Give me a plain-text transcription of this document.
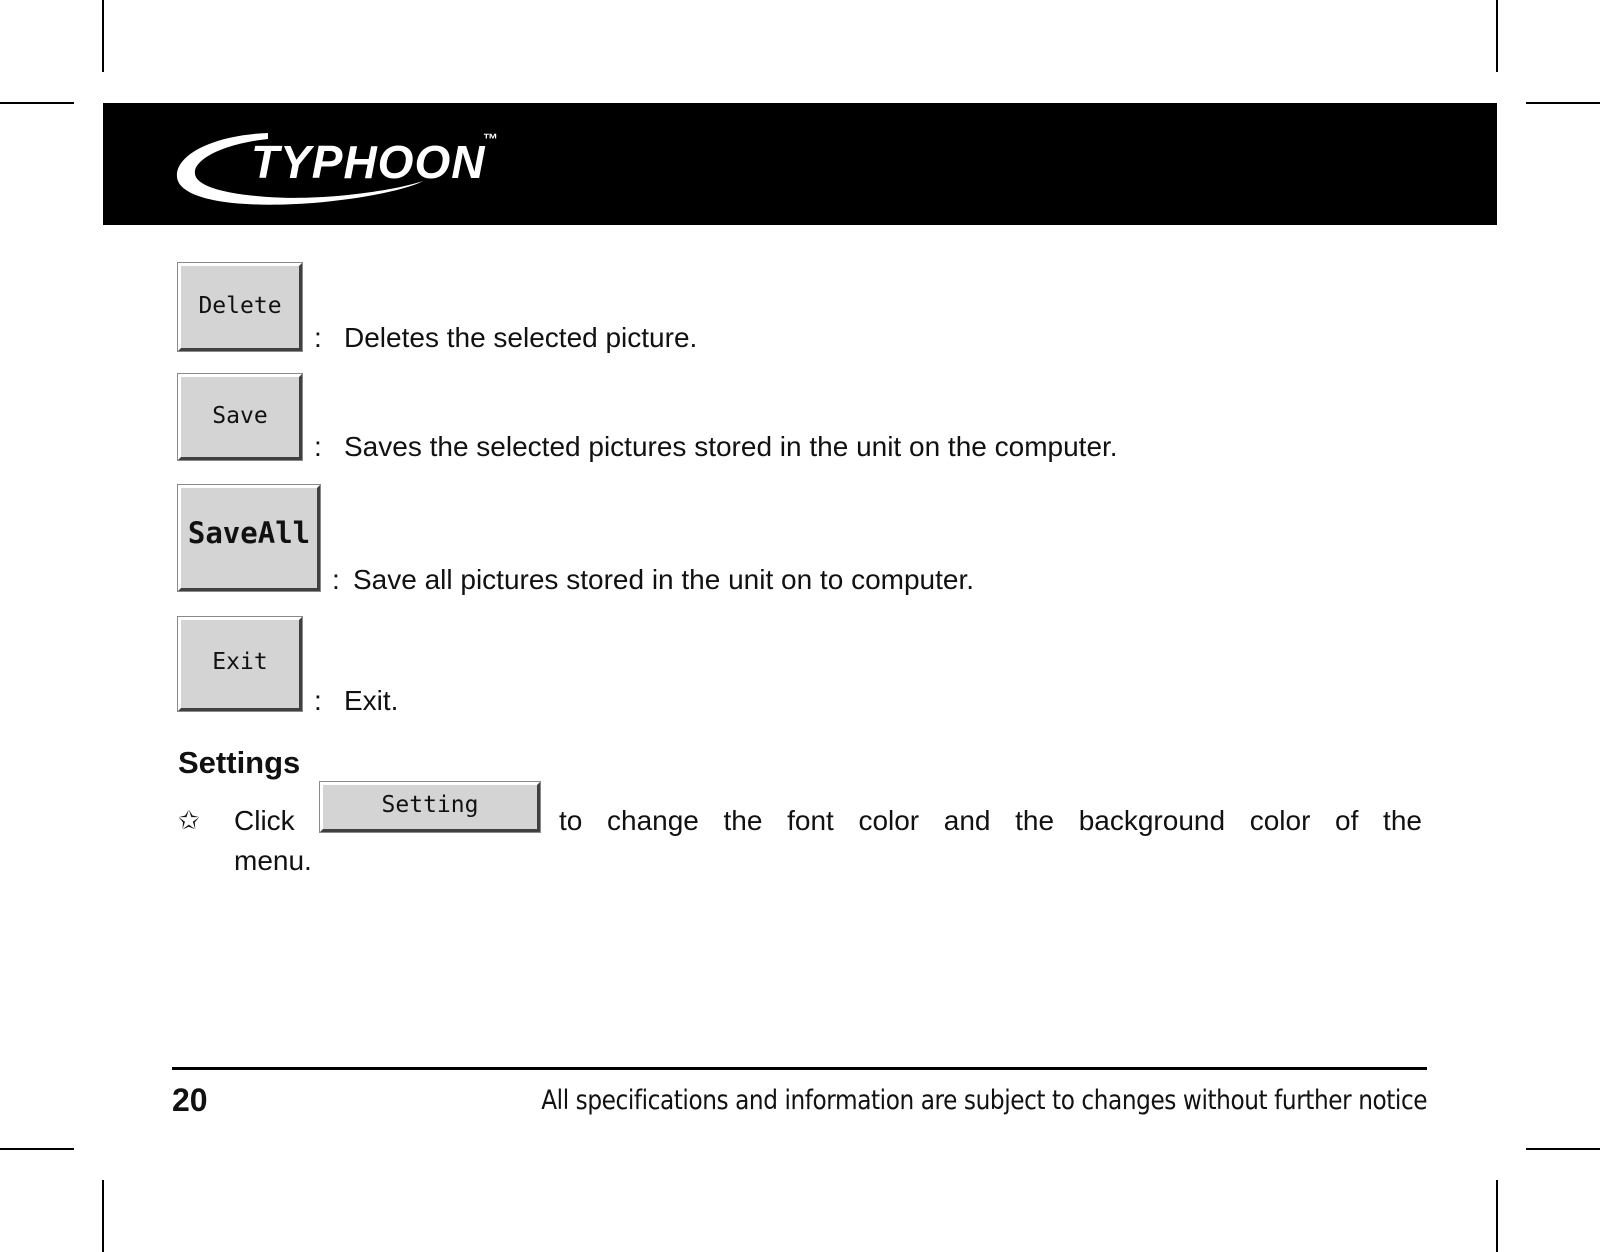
TYPHOON
™
Delete
: Deletes the selected picture.
Save
: Saves the selected pictures stored in the unit on the computer.
SaveAll
: Save all pictures stored in the unit on to computer.
Exit
: Exit.
Settings
✩ Click	Setting	to change the font color and the background color of the
menu.
20	All specifications and information are subject to changes without further notice
